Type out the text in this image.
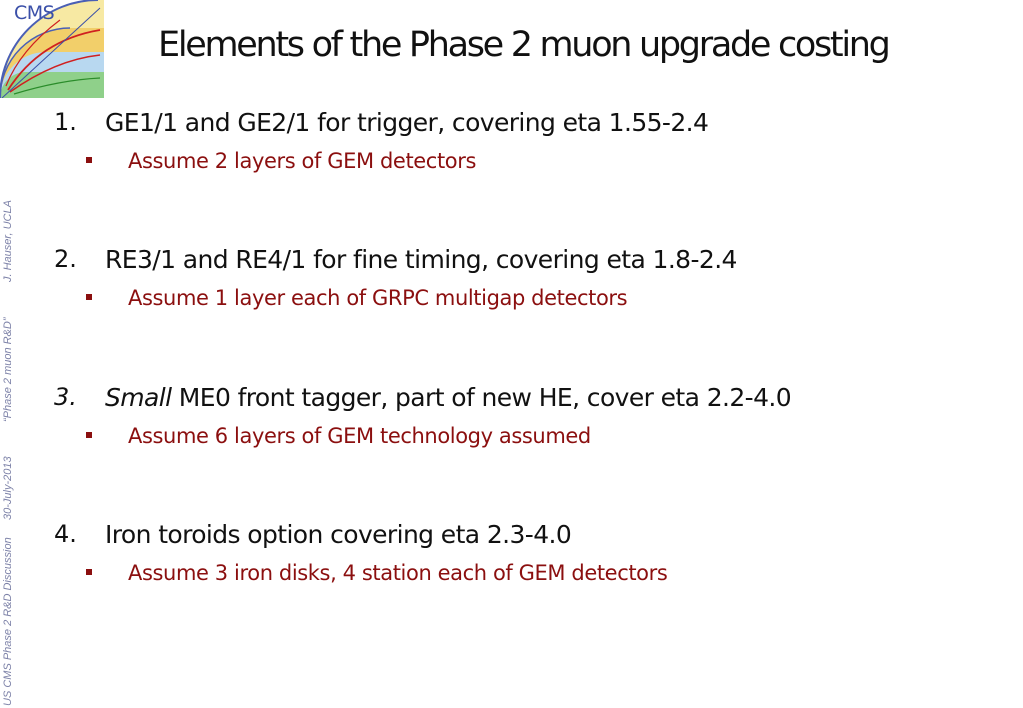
CMS
Elements of the Phase 2 muon upgrade costing
US CMS Phase 2 R&D Discussion30-July-2013“Phase 2 muon R&D”J. Hauser, UCLA
1. GE1/1 and GE2/1 for trigger, covering eta 1.55-2.4
Assume 2 layers of GEM detectors
2. RE3/1 and RE4/1 for fine timing, covering eta 1.8-2.4
Assume 1 layer each of GRPC multigap detectors
3. Small ME0 front tagger, part of new HE, cover eta 2.2-4.0
Assume 6 layers of GEM technology assumed
4. Iron toroids option covering eta 2.3-4.0
Assume 3 iron disks, 4 station each of GEM detectors
